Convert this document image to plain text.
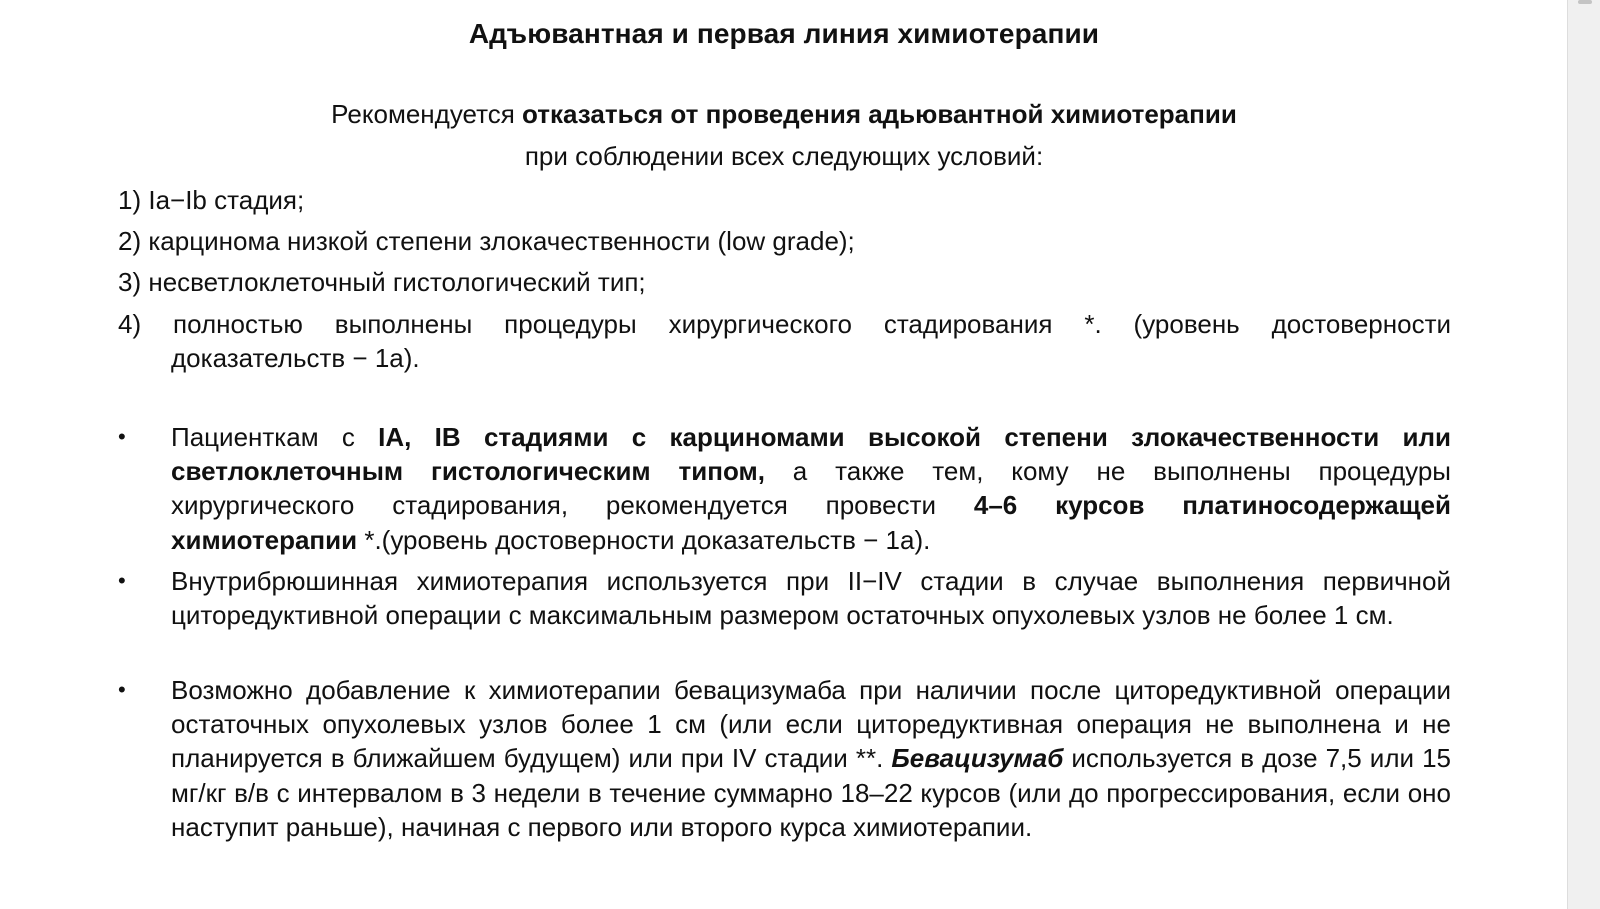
Адъювантная и первая линия химиотерапии

Рекомендуется отказаться от проведения адьювантной химиотерапии

при соблюдении всех следующих условий:

1) Ia−Ib стадия;

2) карцинома низкой степени злокачественности (low grade);

3) несветлоклеточный гистологический тип;

4) полностью выполнены процедуры хирургического стадирования *. (уровень достоверности

доказательств − 1a).

•	Пациенткам с IA, IB стадиями с карциномами высокой степени злокачественности или светлоклеточным гистологическим типом, а также тем, кому не выполнены процедуры хирургического стадирования, рекомендуется провести 4–6 курсов платиносодержащей химиотерапии *.(уровень достоверности доказательств − 1a).
•	Внутрибрюшинная химиотерапия используется при II−IV стадии в случае выполнения первичной циторедуктивной операции с максимальным размером остаточных опухолевых узлов не более 1 см.
•	Возможно добавление к химиотерапии бевацизумаба при наличии после циторедуктивной операции остаточных опухолевых узлов более 1 см (или если циторедуктивная операция не выполнена и не планируется в ближайшем будущем) или при IV стадии **. Бевацизумаб используется в дозе 7,5 или 15 мг/кг в/в с интервалом в 3 недели в течение суммарно 18–22 курсов (или до прогрессирования, если оно наступит раньше), начиная с первого или второго курса химиотерапии.
